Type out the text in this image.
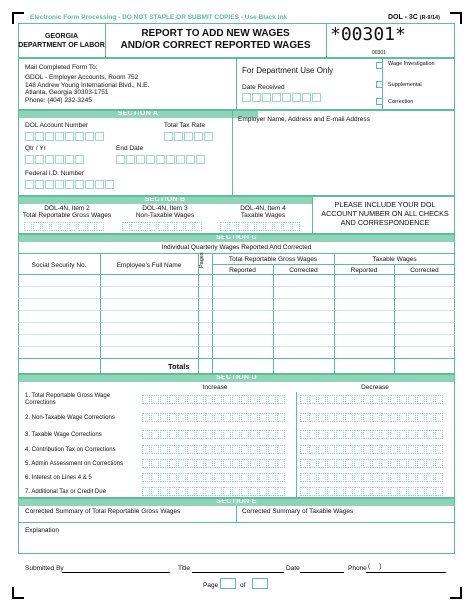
Electronic Form Processing - DO NOT STAPLE OR SUBMIT COPIES - Use Black ink	DOL - 3C (R-9/14)
GEORGIA
DEPARTMENT OF LABOR
REPORT TO ADD NEW WAGES
AND/OR CORRECT REPORTED WAGES
*00301*
00301
Mail Completed Form To:
GDOL - Employer Accounts, Room 752
148 Andrew Young International Blvd., N.E.
Atlanta, Georgia 30303-1751
Phone: (404) 232-3245
For Department Use Only
Date Received
Wage Investigation
Supplemental
Correction
SECTION A
DOL Account Number	Total Tax Rate
Qtr / Yr	End Date
Federal I.D. Number
Employer Name, Address and E-mail Address
SECTION B
DOL-4N, Item 2
Total Reportable Gross Wages
DOL-4N, Item 3
Non-Taxable Wages
DOL-4N, Item 4
Taxable Wages
PLEASE INCLUDE YOUR DOL ACCOUNT NUMBER ON ALL CHECKS AND CORRESPONDENCE
SECTION C
Individual Quarterly Wages Reported And Corrected
Social Security No.	Employee's Full Name	Pages	Total Reportable Gross Wages	Taxable Wages
Reported	Corrected	Reported	Corrected
Totals
SECTION D
Increase	Decrease
1. Total Reportable Gross Wage Corrections
2. Non-Taxable Wage Corrections
3. Taxable Wage Corrections
4. Contribution Tax on Corrections
5. Admin Assessment on Corrections
6. Interest on Lines 4 & 5
7. Additional Tax or Credit Due
SECTION E
Corrected Summary of Total Reportable Gross Wages	Corrected Summary of Taxable Wages
Explanation
Submitted By	Title	Date	Phone (     )
Page	of
